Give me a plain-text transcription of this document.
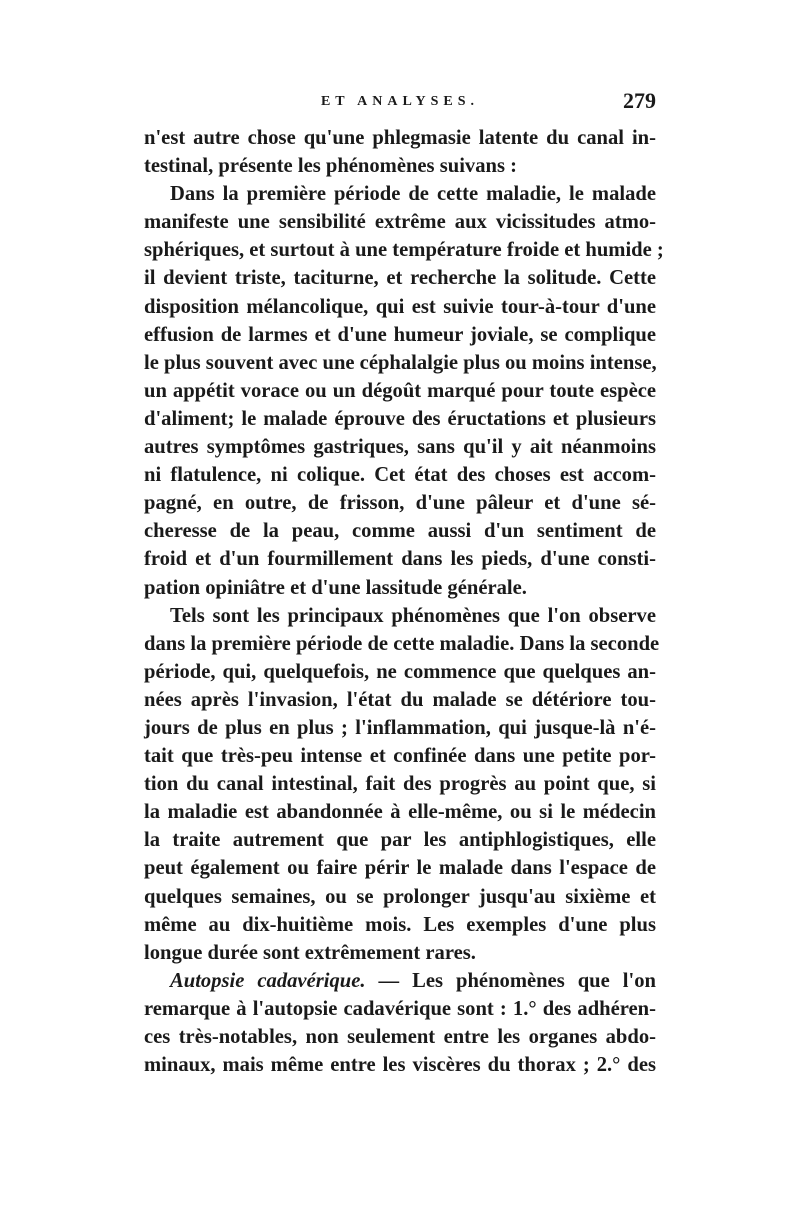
ET ANALYSES.	279
n'est autre chose qu'une phlegmasie latente du canal in-
testinal, présente les phénomènes suivans :
Dans la première période de cette maladie, le malade
manifeste une sensibilité extrême aux vicissitudes atmo-
sphériques, et surtout à une température froide et humide ;
il devient triste, taciturne, et recherche la solitude. Cette
disposition mélancolique, qui est suivie tour-à-tour d'une
effusion de larmes et d'une humeur joviale, se complique
le plus souvent avec une céphalalgie plus ou moins intense,
un appétit vorace ou un dégoût marqué pour toute espèce
d'aliment; le malade éprouve des éructations et plusieurs
autres symptômes gastriques, sans qu'il y ait néanmoins
ni flatulence, ni colique. Cet état des choses est accom-
pagné, en outre, de frisson, d'une pâleur et d'une sé-
cheresse de la peau, comme aussi d'un sentiment de
froid et d'un fourmillement dans les pieds, d'une consti-
pation opiniâtre et d'une lassitude générale.
Tels sont les principaux phénomènes que l'on observe
dans la première période de cette maladie. Dans la seconde
période, qui, quelquefois, ne commence que quelques an-
nées après l'invasion, l'état du malade se détériore tou-
jours de plus en plus ; l'inflammation, qui jusque-là n'é-
tait que très-peu intense et confinée dans une petite por-
tion du canal intestinal, fait des progrès au point que, si
la maladie est abandonnée à elle-même, ou si le médecin
la traite autrement que par les antiphlogistiques, elle
peut également ou faire périr le malade dans l'espace de
quelques semaines, ou se prolonger jusqu'au sixième et
même au dix-huitième mois. Les exemples d'une plus
longue durée sont extrêmement rares.
Autopsie cadavérique. — Les phénomènes que l'on
remarque à l'autopsie cadavérique sont : 1.° des adhéren-
ces très-notables, non seulement entre les organes abdo-
minaux, mais même entre les viscères du thorax ; 2.° des
